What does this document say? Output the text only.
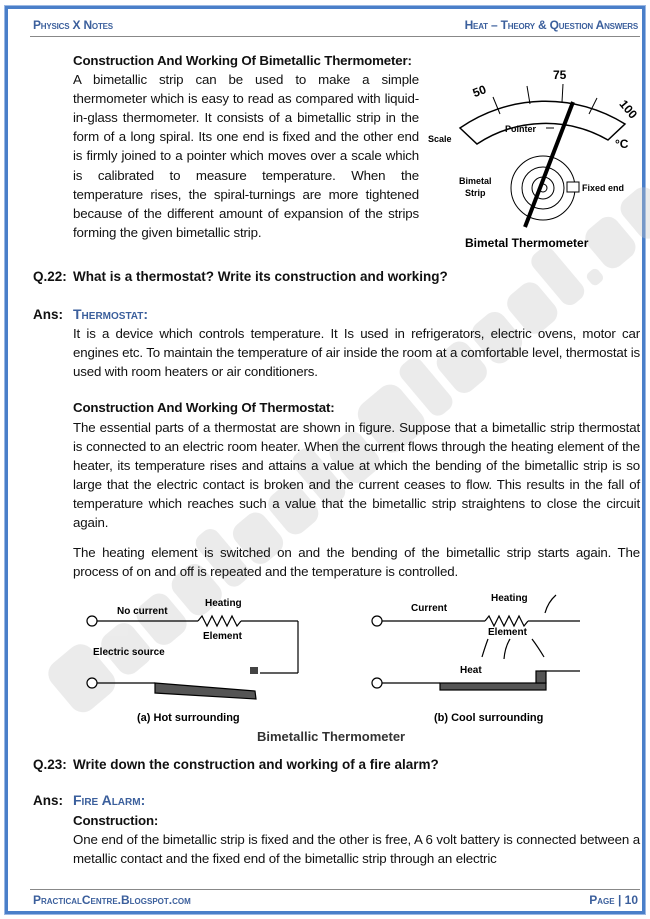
Physics X Notes	Heat – Theory & Question Answers
Construction And Working Of Bimetallic Thermometer:
A bimetallic strip can be used to make a simple thermometer which is easy to read as compared with liquid-in-glass thermometer. It consists of a bimetallic strip in the form of a long spiral. Its one end is fixed and the other end is firmly joined to a pointer which moves over a scale which is calibrated to measure temperature. When the temperature rises, the spiral-turnings are more tightened because of the different amount of expansion of the strips forming the given bimetallic strip.
50
75
100
°C
Scale
Pointer
Fixed end
Bimetal
Strip
Bimetal Thermometer
Q.22: What is a thermostat? Write its construction and working?
Ans: Thermostat:
It is a device which controls temperature. It Is used in refrigerators, electric ovens, motor car engines etc. To maintain the temperature of air inside the room at a comfortable level, thermostat is used with room heaters or air conditioners.
Construction And Working Of Thermostat:
The essential parts of a thermostat are shown in figure. Suppose that a bimetallic strip thermostat is connected to an electric room heater. When the current flows through the heating element of the heater, its temperature rises and attains a value at which the bending of the bimetallic strip is so large that the electric contact is broken and the current ceases to flow. This results in the fall of temperature which reaches such a value that the bimetallic strip straightens to close the circuit again.
The heating element is switched on and the bending of the bimetallic strip starts again. The process of on and off is repeated and the temperature is controlled.
No current
Heating
Element
Electric source
(a) Hot surrounding
Current
Heating
Element
Heat
(b) Cool surrounding
Bimetallic Thermometer
Q.23: Write down the construction and working of a fire alarm?
Ans: Fire Alarm:
Construction:
One end of the bimetallic strip is fixed and the other is free, A 6 volt battery is connected between a metallic contact and the fixed end of the bimetallic strip through an electric
PracticalCentre.Blogspot.com	Page | 10
